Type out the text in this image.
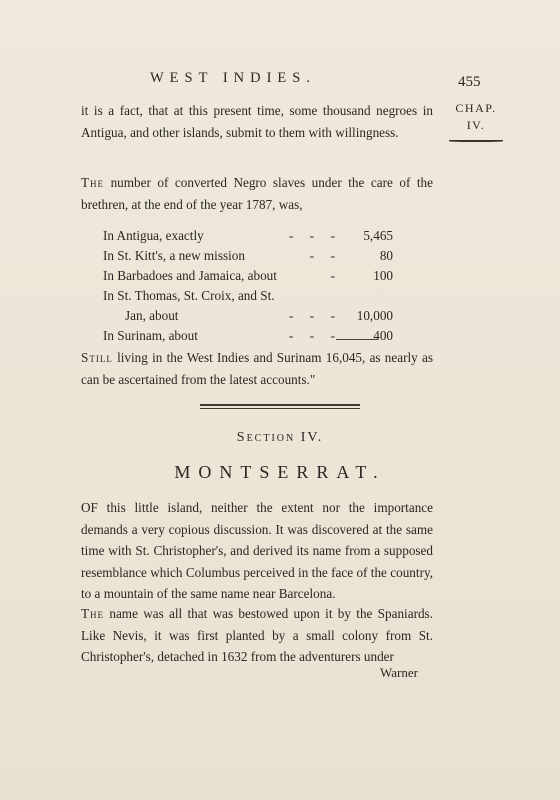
WEST INDIES.	455
CHAP.
IV.

it is a fact, that at this present time, some thousand negroes in Antigua, and other islands, submit to them with willingness.

The number of converted Negro slaves under the care of the brethren, at the end of the year 1787, was,

In Antigua, exactly	-     -     -	5,465
In St. Kitt's, a new mission	-     -	80
In Barbadoes and Jamaica, about	-	100
In St. Thomas, St. Croix, and St.
Jan, about	-     -     -	10,000
In Surinam, about	-     -     -	400

Still living in the West Indies and Surinam 16,045, as nearly as can be ascertained from the latest accounts."

Section IV.
MONTSERRAT.

OF this little island, neither the extent nor the importance demands a very copious discussion. It was discovered at the same time with St. Christopher's, and derived its name from a supposed resemblance which Columbus perceived in the face of the country, to a mountain of the same name near Barcelona.

The name was all that was bestowed upon it by the Spaniards. Like Nevis, it was first planted by a small colony from St. Christopher's, detached in 1632 from the adventurers under

Warner
